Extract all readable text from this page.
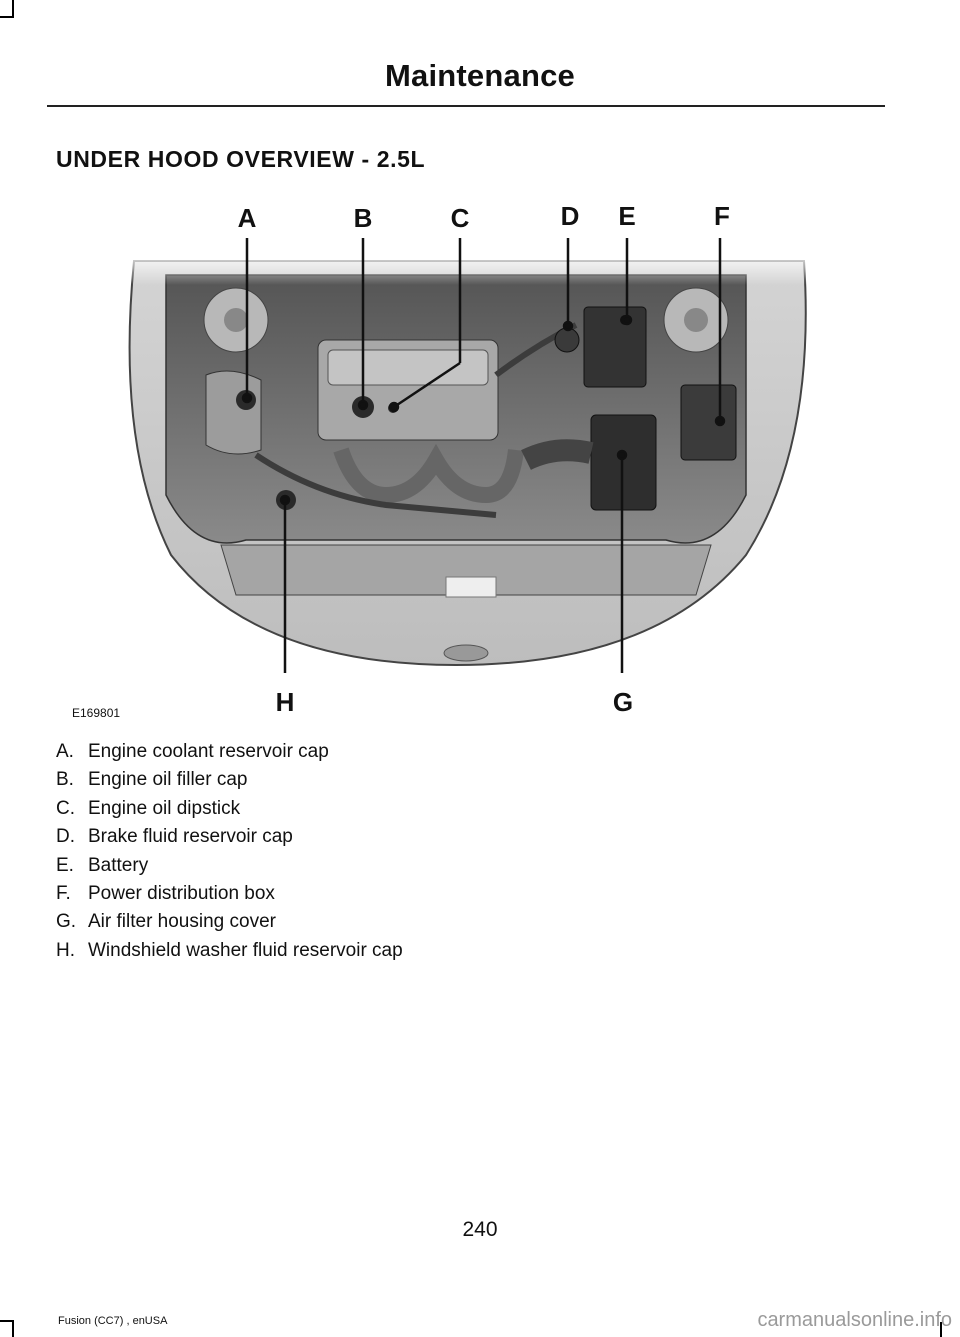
Maintenance
UNDER HOOD OVERVIEW - 2.5L
A	B	C	D E	F
G
H
E169801
A. Engine coolant reservoir cap
B. Engine oil filler cap
C. Engine oil dipstick
D. Brake fluid reservoir cap
E. Battery
F. Power distribution box
G. Air filter housing cover
H. Windshield washer fluid reservoir cap
240
Fusion (CC7) , enUSA	carmanualsonline.info
